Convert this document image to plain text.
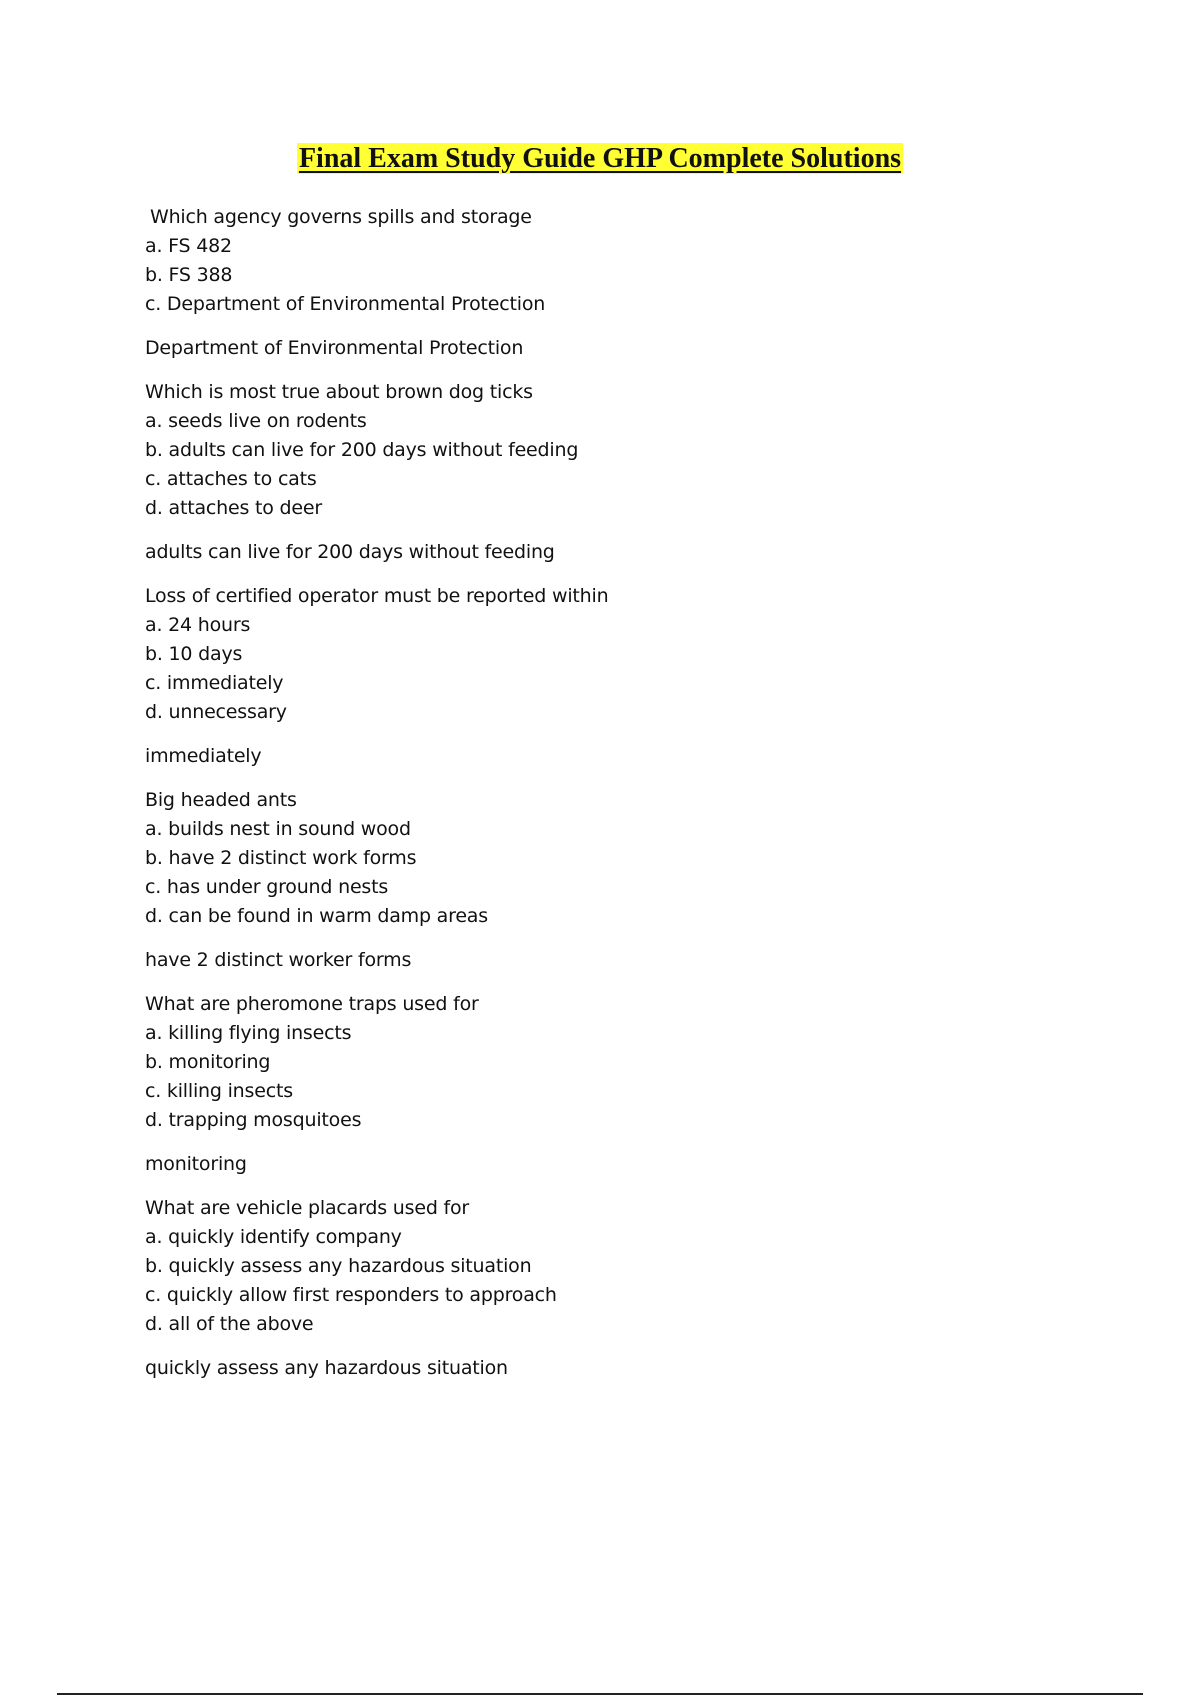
Final Exam Study Guide GHP Complete Solutions
Which agency governs spills and storage
a. FS 482
b. FS 388
c. Department of Environmental Protection
Department of Environmental Protection
Which is most true about brown dog ticks
a. seeds live on rodents
b. adults can live for 200 days without feeding
c. attaches to cats
d. attaches to deer
adults can live for 200 days without feeding
Loss of certified operator must be reported within
a. 24 hours
b. 10 days
c. immediately
d. unnecessary
immediately
Big headed ants
a. builds nest in sound wood
b. have 2 distinct work forms
c. has under ground nests
d. can be found in warm damp areas
have 2 distinct worker forms
What are pheromone traps used for
a. killing flying insects
b. monitoring
c. killing insects
d. trapping mosquitoes
monitoring
What are vehicle placards used for
a. quickly identify company
b. quickly assess any hazardous situation
c. quickly allow first responders to approach
d. all of the above
quickly assess any hazardous situation
